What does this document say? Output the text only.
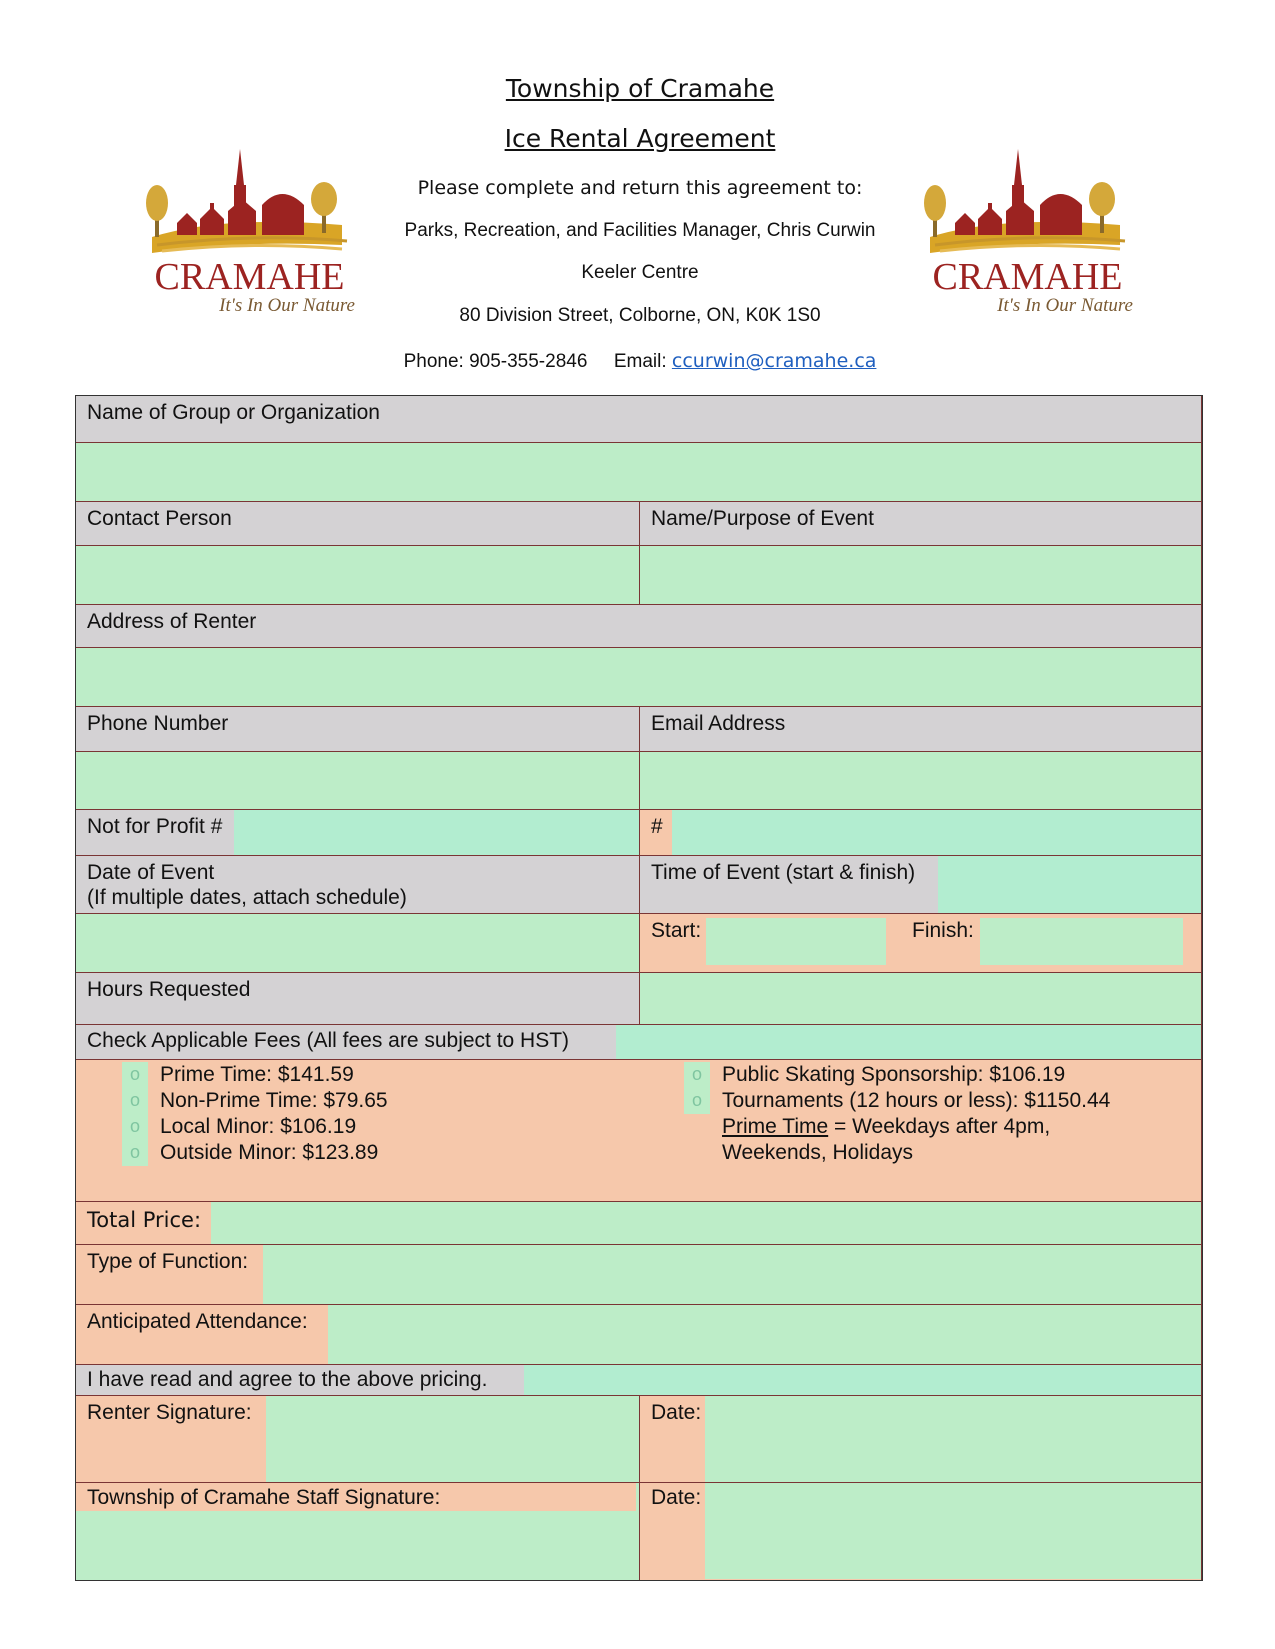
Township of Cramahe
Ice Rental Agreement
Please complete and return this agreement to:
Parks, Recreation, and Facilities Manager, Chris Curwin
Keeler Centre
80 Division Street, Colborne, ON, K0K 1S0
Phone: 905-355-2846 Email: ccurwin@cramahe.ca
CRAMAHE
It's In Our Nature
CRAMAHE
It's In Our Nature
Name of Group or Organization
Contact Person	Name/Purpose of Event
Address of Renter
Phone Number	Email Address
Not for Profit #	#
Date of Event
(If multiple dates, attach schedule)
Time of Event (start & finish)
Start:	Finish:
Hours Requested
Check Applicable Fees (All fees are subject to HST)
o Prime Time: $141.59
o Non-Prime Time: $79.65
o Local Minor: $106.19
o Outside Minor: $123.89
o Public Skating Sponsorship: $106.19
o Tournaments (12 hours or less): $1150.44
Prime Time = Weekdays after 4pm,
Weekends, Holidays
Total Price:
Type of Function:
Anticipated Attendance:
I have read and agree to the above pricing.
Renter Signature:	Date:
Township of Cramahe Staff Signature:	Date:
